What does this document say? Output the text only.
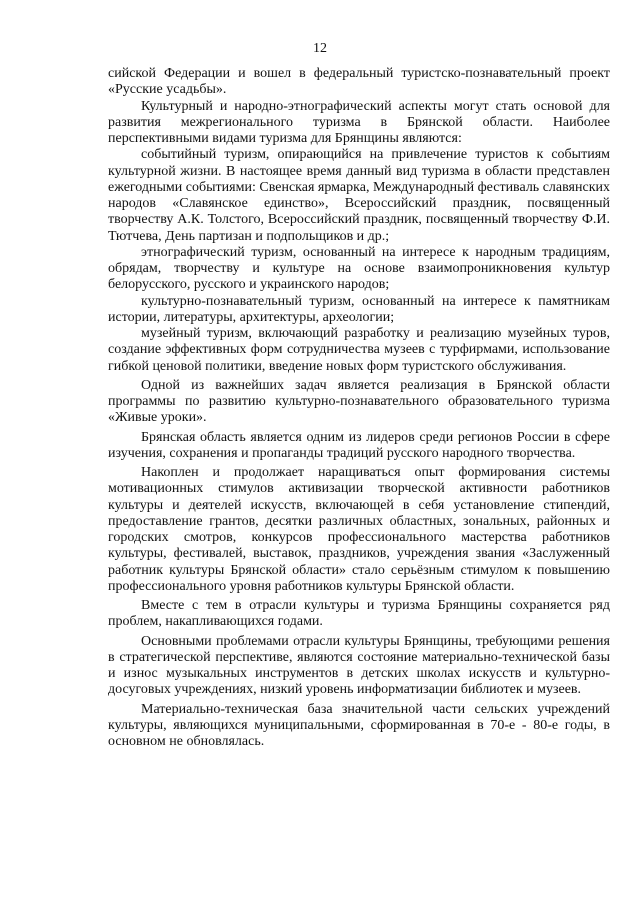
12

сийской Федерации и вошел в федеральный туристско-познавательный проект «Русские усадьбы».

Культурный и народно-этнографический аспекты могут стать основой для развития межрегионального туризма в Брянской области. Наиболее перспективными видами туризма для Брянщины являются:

событийный туризм, опирающийся на привлечение туристов к событиям культурной жизни. В настоящее время данный вид туризма в области представлен ежегодными событиями: Свенская ярмарка, Международный фестиваль славянских народов «Славянское единство», Всероссийский праздник, посвященный творчеству А.К. Толстого, Всероссийский праздник, посвященный творчеству Ф.И. Тютчева, День партизан и подпольщиков и др.;

этнографический туризм, основанный на интересе к народным традициям, обрядам, творчеству и культуре на основе взаимопроникновения культур белорусского, русского и украинского народов;

культурно-познавательный туризм, основанный на интересе к памятникам истории, литературы, архитектуры, археологии;

музейный туризм, включающий разработку и реализацию музейных туров, создание эффективных форм сотрудничества музеев с турфирмами, использование гибкой ценовой политики, введение новых форм туристского обслуживания.

Одной из важнейших задач является реализация в Брянской области программы по развитию культурно-познавательного образовательного туризма «Живые уроки».

Брянская область является одним из лидеров среди регионов России в сфере изучения, сохранения и пропаганды традиций русского народного творчества.

Накоплен и продолжает наращиваться опыт формирования системы мотивационных стимулов активизации творческой активности работников культуры и деятелей искусств, включающей в себя установление стипендий, предоставление грантов, десятки различных областных, зональных, районных и городских смотров, конкурсов профессионального мастерства работников культуры, фестивалей, выставок, праздников, учреждения звания «Заслуженный работник культуры Брянской области» стало серьёзным стимулом к повышению профессионального уровня работников культуры Брянской области.

Вместе с тем в отрасли культуры и туризма Брянщины сохраняется ряд проблем, накапливающихся годами.

Основными проблемами отрасли культуры Брянщины, требующими решения в стратегической перспективе, являются состояние материально-технической базы и износ музыкальных инструментов в детских школах искусств и культурно-досуговых учреждениях, низкий уровень информатизации библиотек и музеев.

Материально-техническая база значительной части сельских учреждений культуры, являющихся муниципальными, сформированная в 70-е - 80-е годы, в основном не обновлялась.
